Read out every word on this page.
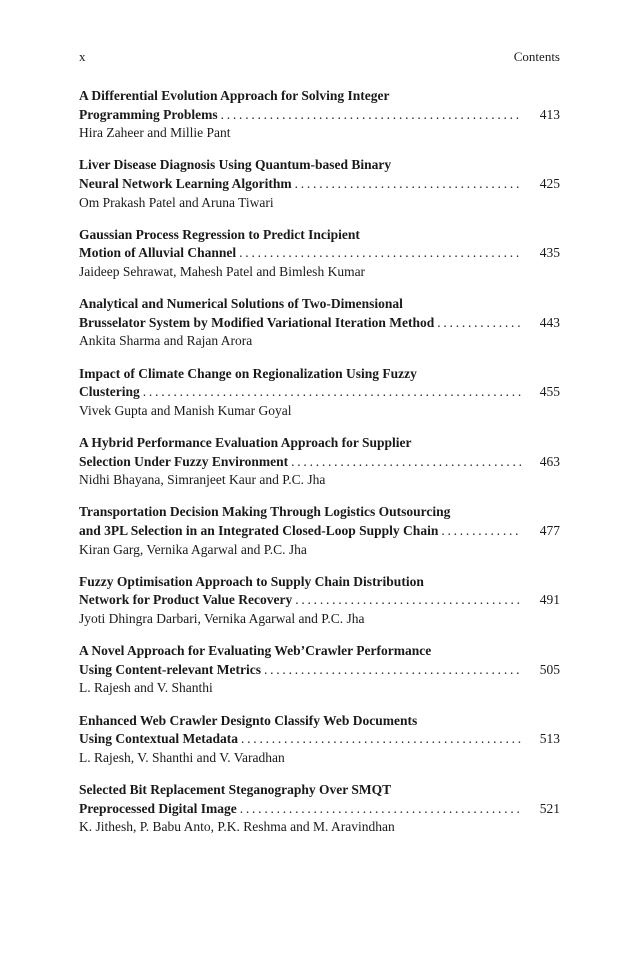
x	Contents
A Differential Evolution Approach for Solving Integer
Programming Problems . . .	413
Hira Zaheer and Millie Pant
Liver Disease Diagnosis Using Quantum-based Binary
Neural Network Learning Algorithm . . .	425
Om Prakash Patel and Aruna Tiwari
Gaussian Process Regression to Predict Incipient
Motion of Alluvial Channel . . .	435
Jaideep Sehrawat, Mahesh Patel and Bimlesh Kumar
Analytical and Numerical Solutions of Two-Dimensional
Brusselator System by Modified Variational Iteration Method . . .	443
Ankita Sharma and Rajan Arora
Impact of Climate Change on Regionalization Using Fuzzy
Clustering . . .	455
Vivek Gupta and Manish Kumar Goyal
A Hybrid Performance Evaluation Approach for Supplier
Selection Under Fuzzy Environment . . .	463
Nidhi Bhayana, Simranjeet Kaur and P.C. Jha
Transportation Decision Making Through Logistics Outsourcing
and 3PL Selection in an Integrated Closed-Loop Supply Chain . . .	477
Kiran Garg, Vernika Agarwal and P.C. Jha
Fuzzy Optimisation Approach to Supply Chain Distribution
Network for Product Value Recovery . . .	491
Jyoti Dhingra Darbari, Vernika Agarwal and P.C. Jha
A Novel Approach for Evaluating Web’Crawler Performance
Using Content-relevant Metrics . . .	505
L. Rajesh and V. Shanthi
Enhanced Web Crawler Designto Classify Web Documents
Using Contextual Metadata . . .	513
L. Rajesh, V. Shanthi and V. Varadhan
Selected Bit Replacement Steganography Over SMQT
Preprocessed Digital Image . . .	521
K. Jithesh, P. Babu Anto, P.K. Reshma and M. Aravindhan
